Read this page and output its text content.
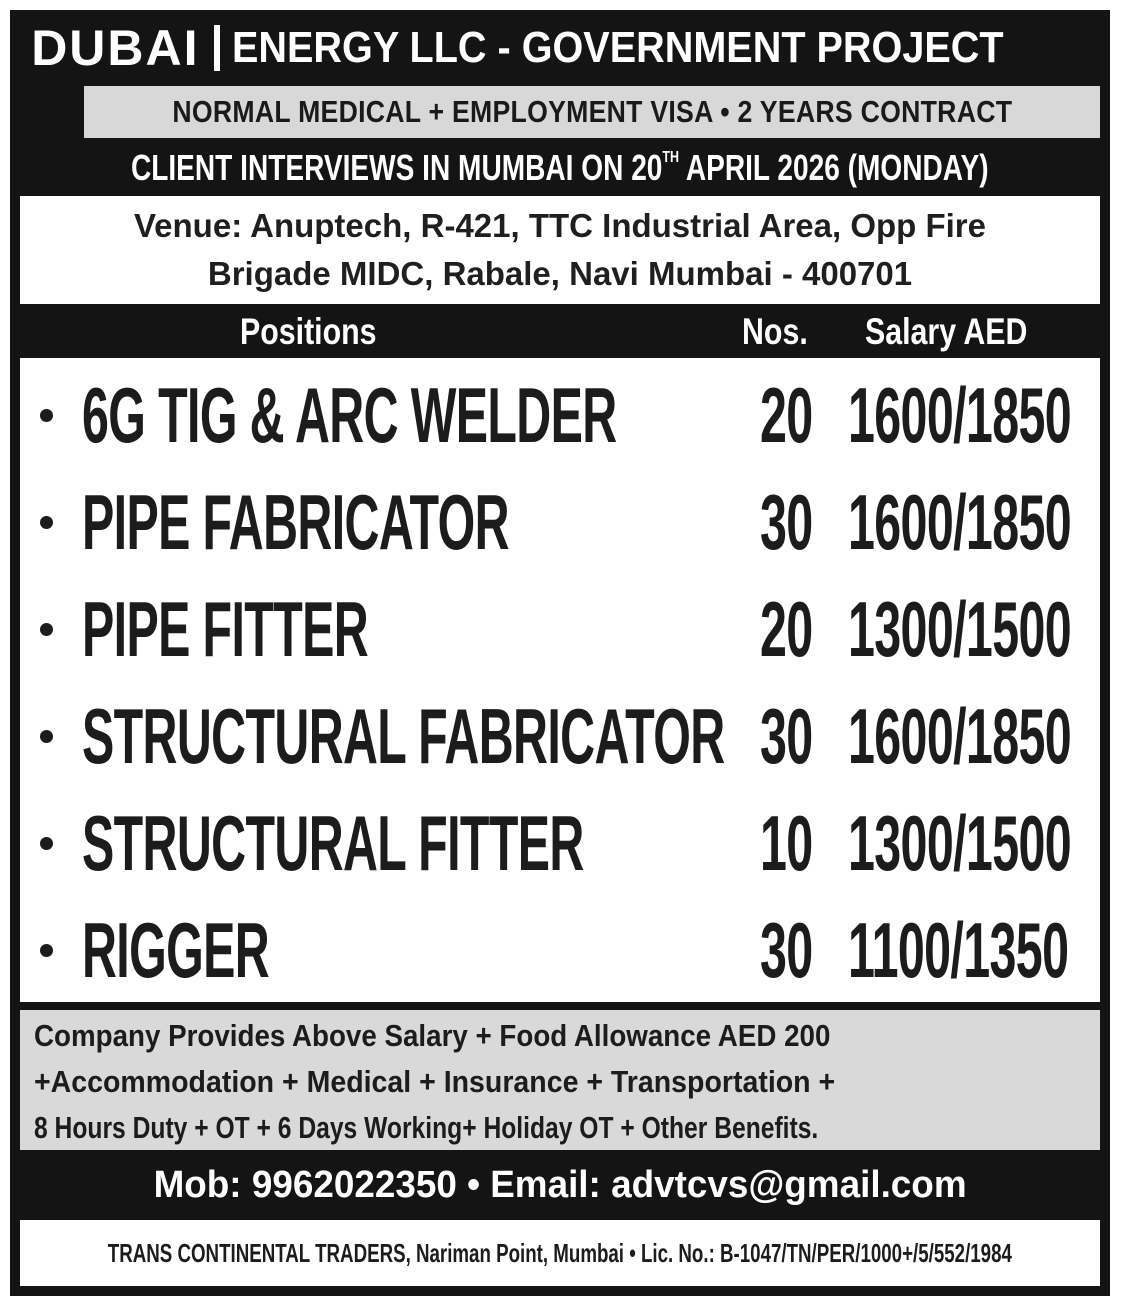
DUBAI ENERGY LLC - GOVERNMENT PROJECT
NORMAL MEDICAL + EMPLOYMENT VISA • 2 YEARS CONTRACT
CLIENT INTERVIEWS IN MUMBAI ON 20TH APRIL 2026 (MONDAY)
Venue: Anuptech, R-421, TTC Industrial Area, Opp Fire
Brigade MIDC, Rabale, Navi Mumbai - 400701
Positions	Nos. Salary AED
6G TIG & ARC WELDER 20 1600/1850
PIPE FABRICATOR	30 1600/1850
PIPE FITTER	20 1300/1500
STRUCTURAL FABRICATOR 30 1600/1850
STRUCTURAL FITTER 10 1300/1500
RIGGER	30 1100/1350
Company Provides Above Salary + Food Allowance AED 200
+Accommodation + Medical + Insurance + Transportation +
8 Hours Duty + OT + 6 Days Working+ Holiday OT + Other Benefits.
Mob: 9962022350 • Email: advtcvs@gmail.com
TRANS CONTINENTAL TRADERS, Nariman Point, Mumbai • Lic. No.: B-1047/TN/PER/1000+/5/552/1984
